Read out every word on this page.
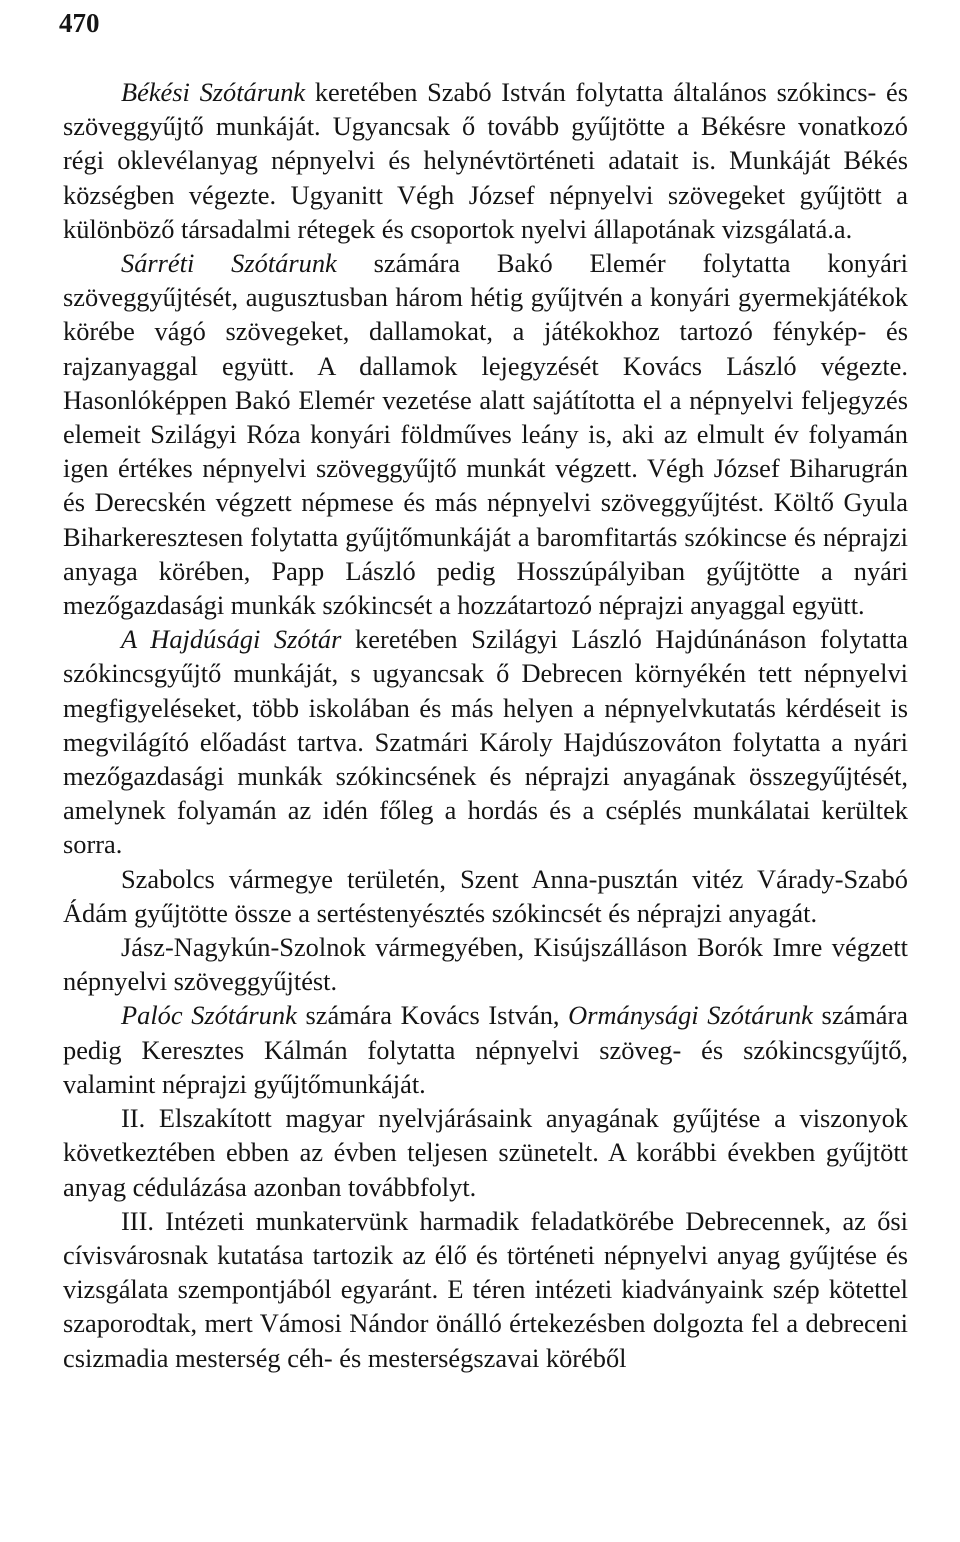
470

Békési Szótárunk keretében Szabó István folytatta általános szókincs- és szöveggyűjtő munkáját. Ugyancsak ő tovább gyűjtötte a Békésre vonatkozó régi oklevélanyag népnyelvi és helynévtörténeti adatait is. Munkáját Békés községben végezte. Ugyanitt Végh József népnyelvi szövegeket gyűjtött a különböző társadalmi rétegek és csoportok nyelvi állapotának vizsgálatá.a.

Sárréti Szótárunk számára Bakó Elemér folytatta konyári szöveggyűjtését, augusztusban három hétig gyűjtvén a konyári gyermekjátékok körébe vágó szövegeket, dallamokat, a játékokhoz tartozó fénykép- és rajzanyaggal együtt. A dallamok lejegyzését Kovács László végezte. Hasonlóképpen Bakó Elemér vezetése alatt sajátította el a népnyelvi feljegyzés elemeit Szilágyi Róza konyári földműves leány is, aki az elmult év folyamán igen értékes népnyelvi szöveggyűjtő munkát végzett. Végh József Biharugrán és Derecskén végzett népmese és más népnyelvi szöveggyűjtést. Költő Gyula Biharkeresztesen folytatta gyűjtőmunkáját a baromfitartás szókincse és néprajzi anyaga körében, Papp László pedig Hosszúpályiban gyűjtötte a nyári mezőgazdasági munkák szókincsét a hozzátartozó néprajzi anyaggal együtt.

A Hajdúsági Szótár keretében Szilágyi László Hajdúnánáson folytatta szókincsgyűjtő munkáját, s ugyancsak ő Debrecen környékén tett népnyelvi megfigyeléseket, több iskolában és más helyen a népnyelvkutatás kérdéseit is megvilágító előadást tartva. Szatmári Károly Hajdúszováton folytatta a nyári mezőgazdasági munkák szókincsének és néprajzi anyagának összegyűjtését, amelynek folyamán az idén főleg a hordás és a cséplés munkálatai kerültek sorra.

Szabolcs vármegye területén, Szent Anna-pusztán vitéz Várady-Szabó Ádám gyűjtötte össze a sertéstenyésztés szókincsét és néprajzi anyagát.

Jász-Nagykún-Szolnok vármegyében, Kisújszálláson Borók Imre végzett népnyelvi szöveggyűjtést.

Palóc Szótárunk számára Kovács István, Ormánysági Szótárunk számára pedig Keresztes Kálmán folytatta népnyelvi szöveg- és szókincsgyűjtő, valamint néprajzi gyűjtőmunkáját.

II. Elszakított magyar nyelvjárásaink anyagának gyűjtése a viszonyok következtében ebben az évben teljesen szünetelt. A korábbi években gyűjtött anyag cédulázása azonban továbbfolyt.

III. Intézeti munkatervünk harmadik feladatkörébe Debrecennek, az ősi cívisvárosnak kutatása tartozik az élő és történeti népnyelvi anyag gyűjtése és vizsgálata szempontjából egyaránt. E téren intézeti kiadványaink szép kötettel szaporodtak, mert Vámosi Nándor önálló értekezésben dolgozta fel a debreceni csizmadia mesterség céh- és mesterségszavai köréből
